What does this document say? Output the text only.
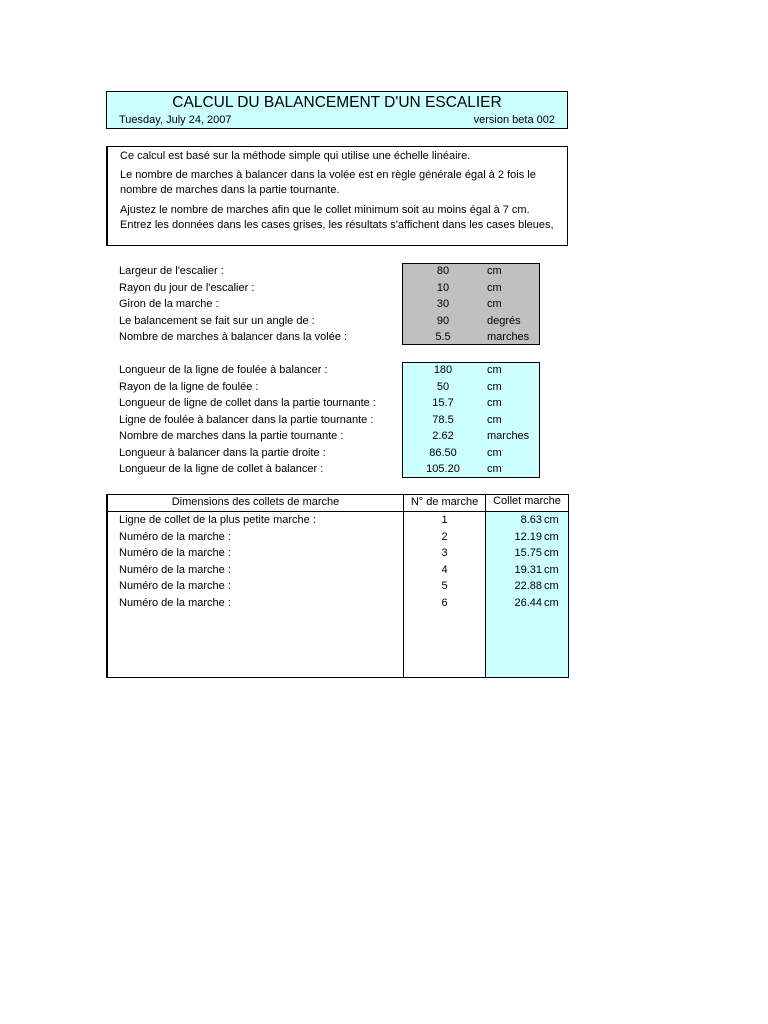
CALCUL DU BALANCEMENT D'UN ESCALIER
Tuesday, July 24, 2007	version beta 002

Ce calcul est basé sur la méthode simple qui utilise une échelle linéaire.

Le nombre de marches à balancer dans la volée est en règle générale égal à 2 fois le nombre de marches dans la partie tournante.

Ajustez le nombre de marches afin que le collet minimum soit au moins égal à 7 cm. Entrez les données dans les cases grises, les résultats s'affichent dans les cases bleues,

Largeur de l'escalier :	80	cm
Rayon du jour de l'escalier :	10	cm
Giron de la marche :	30	cm
Le balancement se fait sur un angle de :	90	degrés
Nombre de marches à balancer dans la volée :	5.5	marches
Longueur de la ligne de foulée à balancer :	180	cm
Rayon de la ligne de foulée :	50	cm
Longueur de ligne de collet dans la partie tournante :	15.7	cm
Ligne de foulée à balancer dans la partie tournante :	78.5	cm
Nombre de marches dans la partie tournante :	2.62	marches
Longueur à balancer dans la partie droite :	86.50	cm
Longueur de la ligne de collet à balancer :	105.20	cm
Dimensions des collets de marche	N° de marche	Collet marche
Ligne de collet de la plus petite marche :	1	8.63 cm
Numéro de la marche :	2	12.19 cm
Numéro de la marche :	3	15.75 cm
Numéro de la marche :	4	19.31 cm
Numéro de la marche :	5	22.88 cm
Numéro de la marche :	6	26.44 cm
